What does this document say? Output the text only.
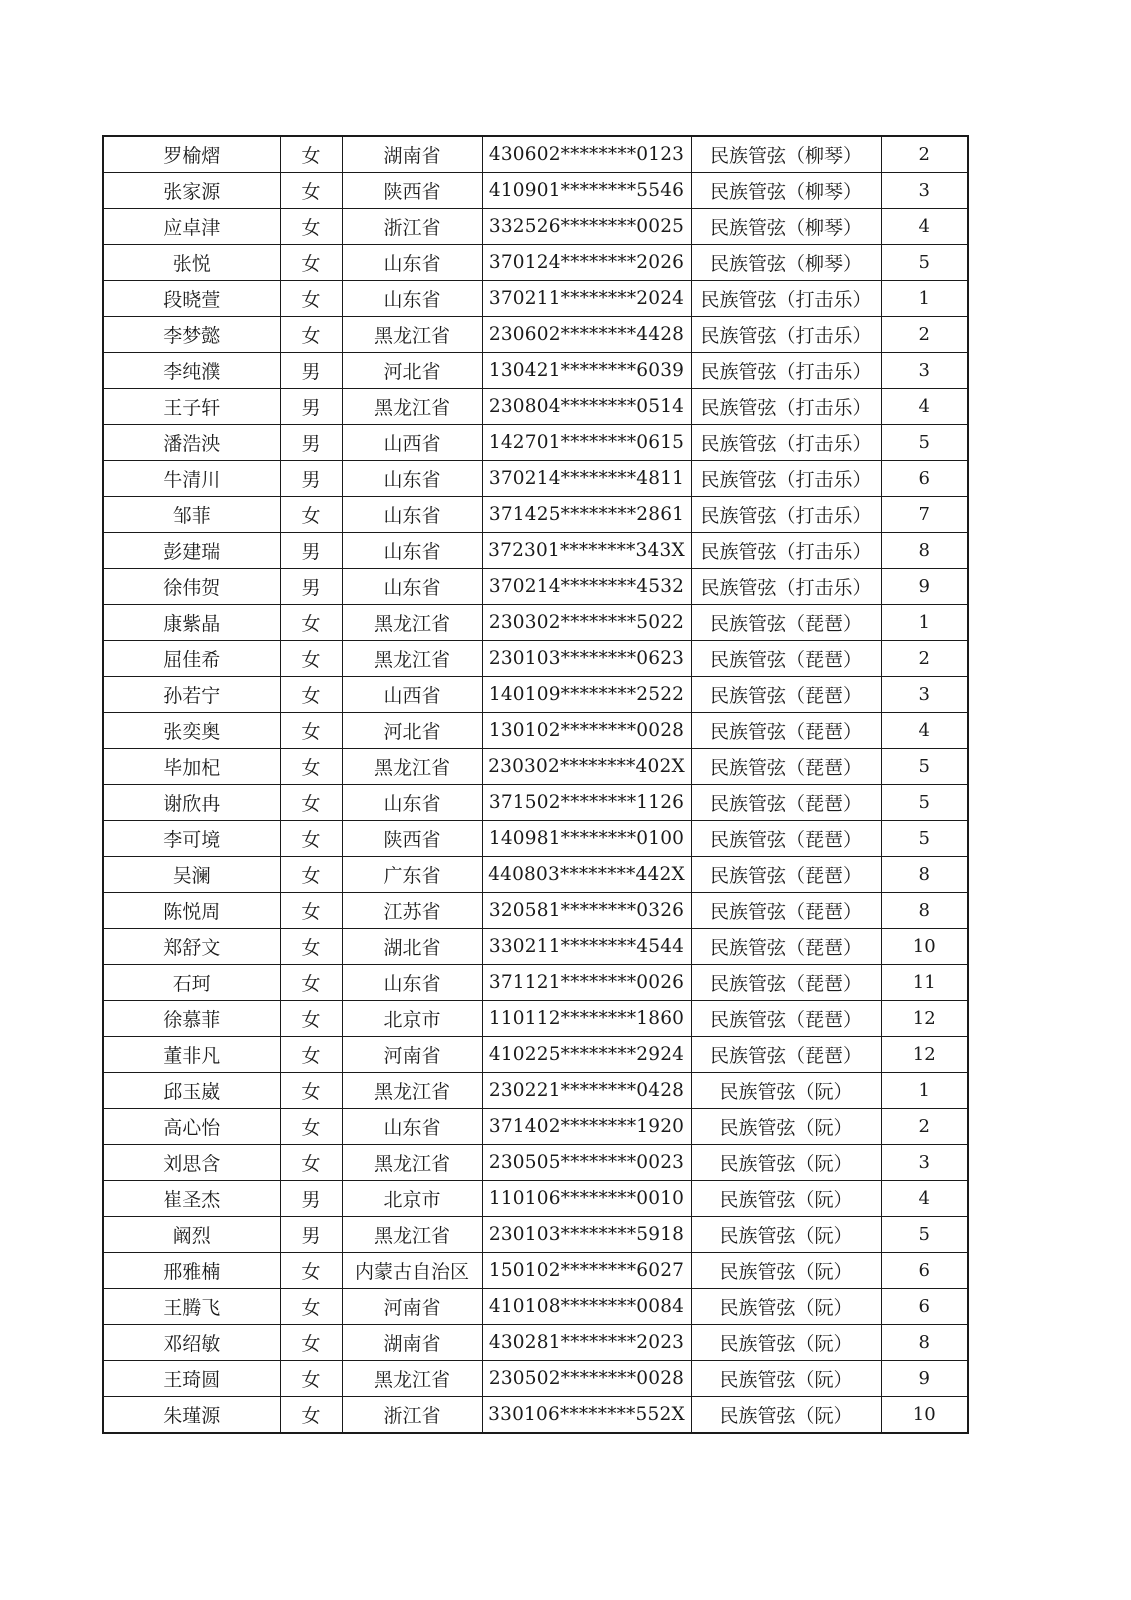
罗榆熠	女	湖南省	430602********0123	民族管弦（柳琴）	2
张家源	女	陕西省	410901********5546	民族管弦（柳琴）	3
应卓津	女	浙江省	332526********0025	民族管弦（柳琴）	4
张悦	女	山东省	370124********2026	民族管弦（柳琴）	5
段晓萱	女	山东省	370211********2024	民族管弦（打击乐）	1
李梦懿	女	黑龙江省	230602********4428	民族管弦（打击乐）	2
李纯濮	男	河北省	130421********6039	民族管弦（打击乐）	3
王子轩	男	黑龙江省	230804********0514	民族管弦（打击乐）	4
潘浩泱	男	山西省	142701********0615	民族管弦（打击乐）	5
牛清川	男	山东省	370214********4811	民族管弦（打击乐）	6
邹菲	女	山东省	371425********2861	民族管弦（打击乐）	7
彭建瑞	男	山东省	372301********343X	民族管弦（打击乐）	8
徐伟贺	男	山东省	370214********4532	民族管弦（打击乐）	9
康紫晶	女	黑龙江省	230302********5022	民族管弦（琵琶）	1
屈佳希	女	黑龙江省	230103********0623	民族管弦（琵琶）	2
孙若宁	女	山西省	140109********2522	民族管弦（琵琶）	3
张奕奥	女	河北省	130102********0028	民族管弦（琵琶）	4
毕加杞	女	黑龙江省	230302********402X	民族管弦（琵琶）	5
谢欣冉	女	山东省	371502********1126	民族管弦（琵琶）	5
李可境	女	陕西省	140981********0100	民族管弦（琵琶）	5
吴澜	女	广东省	440803********442X	民族管弦（琵琶）	8
陈悦周	女	江苏省	320581********0326	民族管弦（琵琶）	8
郑舒文	女	湖北省	330211********4544	民族管弦（琵琶）	10
石珂	女	山东省	371121********0026	民族管弦（琵琶）	11
徐慕菲	女	北京市	110112********1860	民族管弦（琵琶）	12
董非凡	女	河南省	410225********2924	民族管弦（琵琶）	12
邱玉崴	女	黑龙江省	230221********0428	民族管弦（阮）	1
高心怡	女	山东省	371402********1920	民族管弦（阮）	2
刘思含	女	黑龙江省	230505********0023	民族管弦（阮）	3
崔圣杰	男	北京市	110106********0010	民族管弦（阮）	4
阚烈	男	黑龙江省	230103********5918	民族管弦（阮）	5
邢雅楠	女	内蒙古自治区	150102********6027	民族管弦（阮）	6
王腾飞	女	河南省	410108********0084	民族管弦（阮）	6
邓绍敏	女	湖南省	430281********2023	民族管弦（阮）	8
王琦圆	女	黑龙江省	230502********0028	民族管弦（阮）	9
朱瑾源	女	浙江省	330106********552X	民族管弦（阮）	10
